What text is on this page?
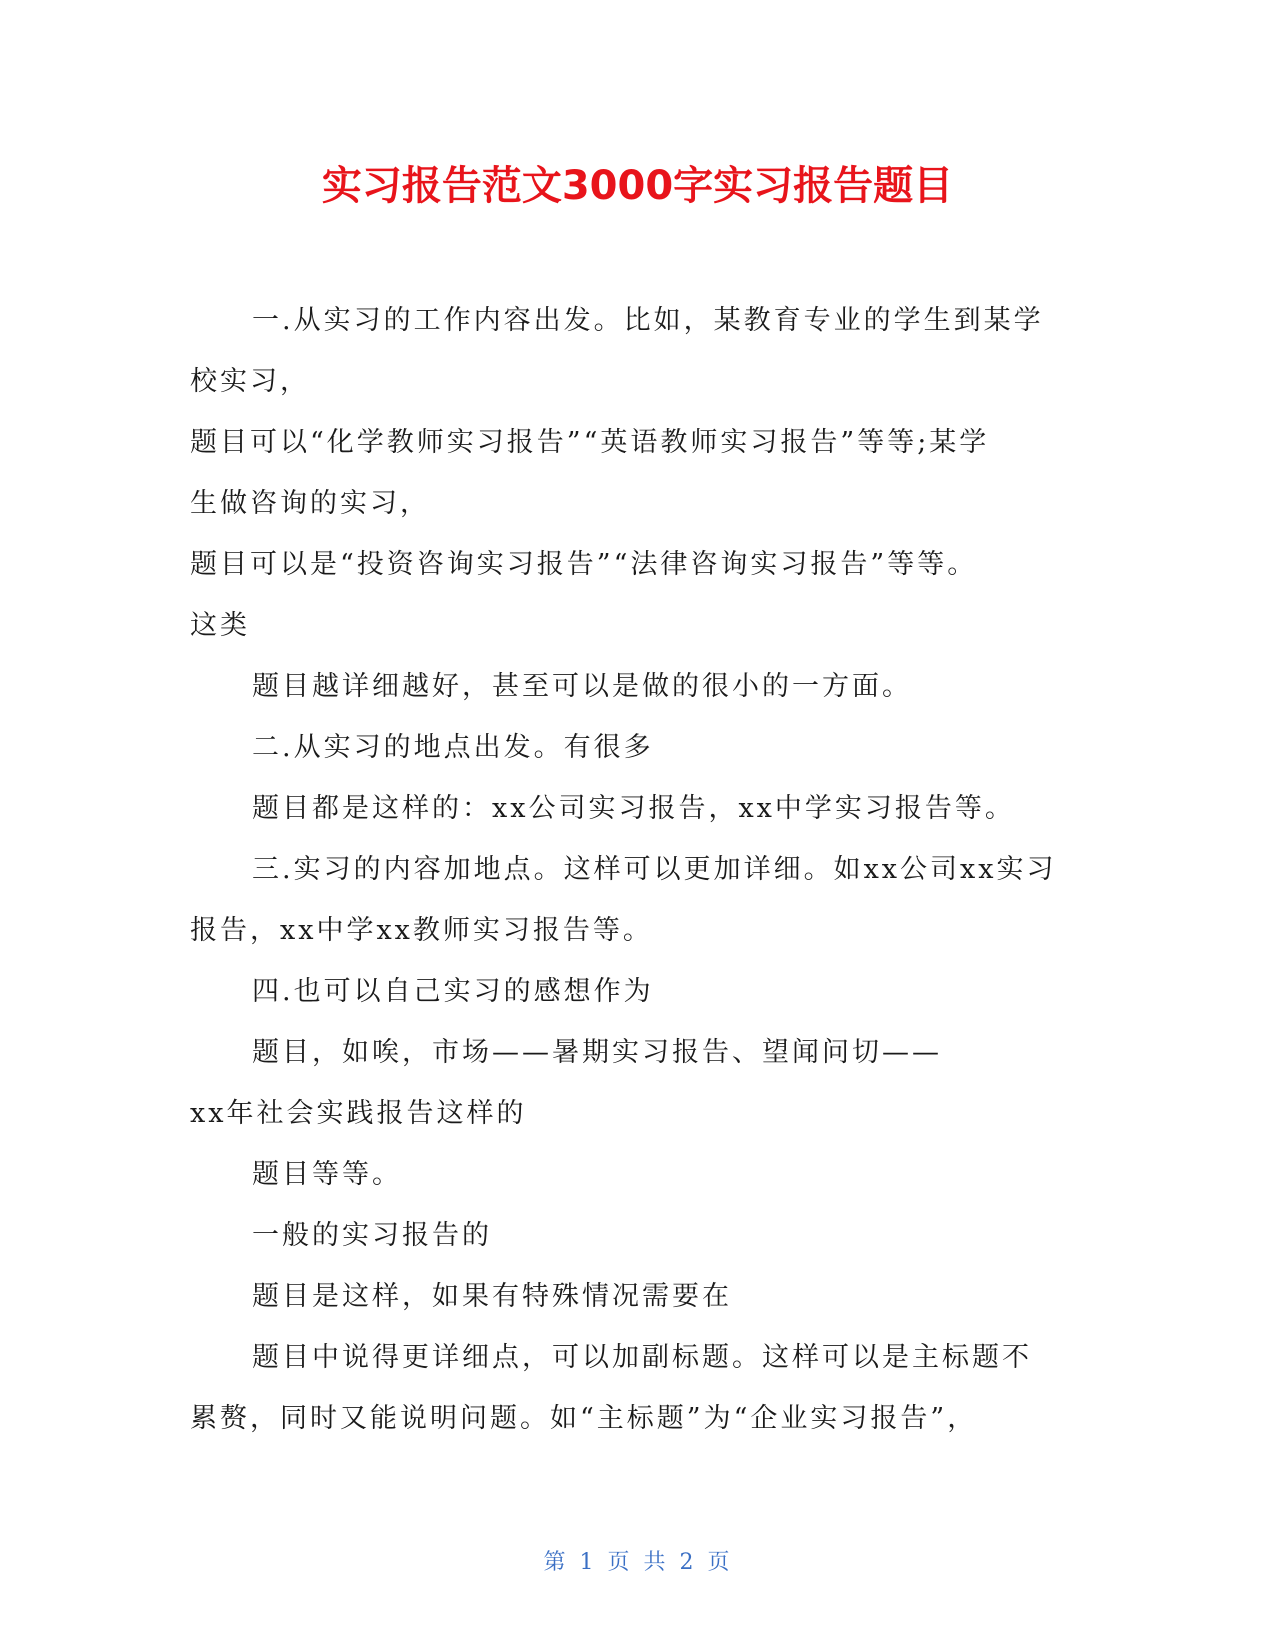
实习报告范文3000字实习报告题目

一.从实习的工作内容出发。比如，某教育专业的学生到某学

校实习，

题目可以“化学教师实习报告”“英语教师实习报告”等等;某学

生做咨询的实习，

题目可以是“投资咨询实习报告”“法律咨询实习报告”等等。

这类

题目越详细越好，甚至可以是做的很小的一方面。

二.从实习的地点出发。有很多

题目都是这样的：xx公司实习报告，xx中学实习报告等。

三.实习的内容加地点。这样可以更加详细。如xx公司xx实习

报告，xx中学xx教师实习报告等。

四.也可以自己实习的感想作为

题目，如唉，市场——暑期实习报告、望闻问切——

xx年社会实践报告这样的

题目等等。

一般的实习报告的

题目是这样，如果有特殊情况需要在

题目中说得更详细点，可以加副标题。这样可以是主标题不

累赘，同时又能说明问题。如“主标题”为“企业实习报告”，

第 1 页 共 2 页
